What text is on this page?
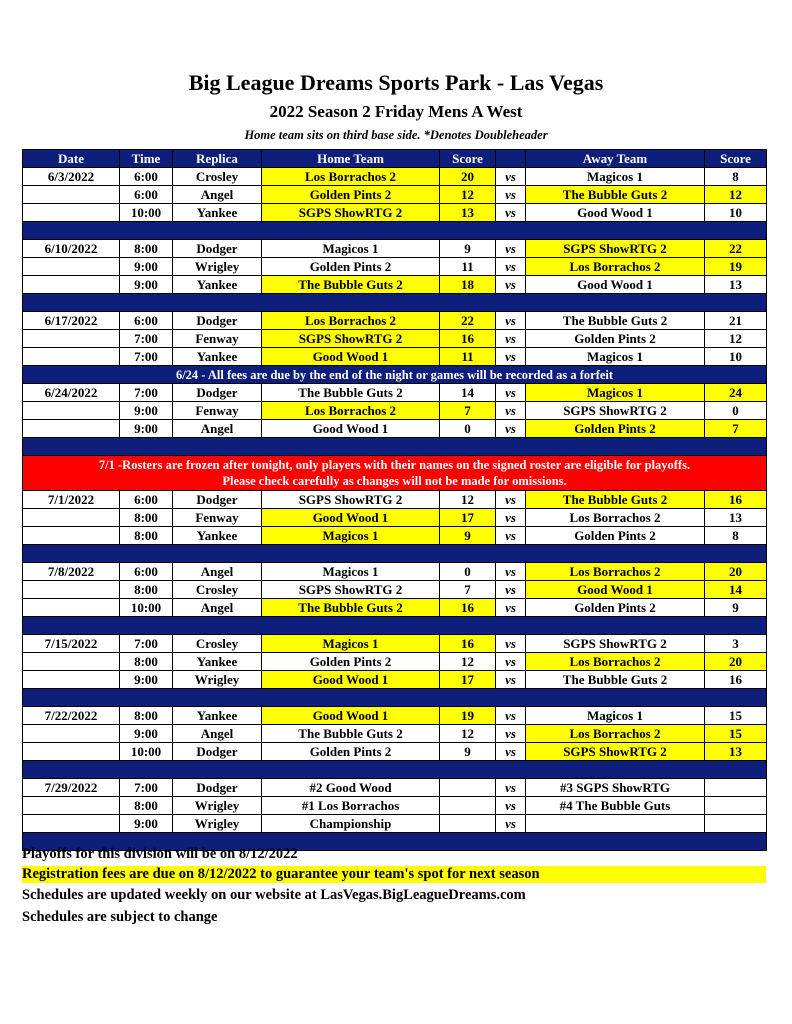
Big League Dreams Sports Park - Las Vegas
2022 Season 2 Friday Mens A West
Home team sits on third base side. *Denotes Doubleheader
Date	Time	Replica	Home Team	Score		Away Team	Score
6/3/2022	6:00	Crosley	Los Borrachos 2	20	vs	Magicos 1	8
	6:00	Angel	Golden Pints 2	12	vs	The Bubble Guts 2	12
	10:00	Yankee	SGPS ShowRTG 2	13	vs	Good Wood 1	10

6/10/2022	8:00	Dodger	Magicos 1	9	vs	SGPS ShowRTG 2	22
	9:00	Wrigley	Golden Pints 2	11	vs	Los Borrachos 2	19
	9:00	Yankee	The Bubble Guts 2	18	vs	Good Wood 1	13

6/17/2022	6:00	Dodger	Los Borrachos 2	22	vs	The Bubble Guts 2	21
	7:00	Fenway	SGPS ShowRTG 2	16	vs	Golden Pints 2	12
	7:00	Yankee	Good Wood 1	11	vs	Magicos 1	10
6/24 - All fees are due by the end of the night or games will be recorded as a forfeit							
6/24/2022	7:00	Dodger	The Bubble Guts 2	14	vs	Magicos 1	24
	9:00	Fenway	Los Borrachos 2	7	vs	SGPS ShowRTG 2	0
	9:00	Angel	Good Wood 1	0	vs	Golden Pints 2	7

7/1 -Rosters are frozen after tonight, only players with their names on the signed roster are eligible for playoffs.
Please check carefully as changes will not be made for omissions.							

7/1/2022	6:00	Dodger	SGPS ShowRTG 2	12	vs	The Bubble Guts 2	16
	8:00	Fenway	Good Wood 1	17	vs	Los Borrachos 2	13
	8:00	Yankee	Magicos 1	9	vs	Golden Pints 2	8

7/8/2022	6:00	Angel	Magicos 1	0	vs	Los Borrachos 2	20
	8:00	Crosley	SGPS ShowRTG 2	7	vs	Good Wood 1	14
	10:00	Angel	The Bubble Guts 2	16	vs	Golden Pints 2	9

7/15/2022	7:00	Crosley	Magicos 1	16	vs	SGPS ShowRTG 2	3
	8:00	Yankee	Golden Pints 2	12	vs	Los Borrachos 2	20
	9:00	Wrigley	Good Wood 1	17	vs	The Bubble Guts 2	16

7/22/2022	8:00	Yankee	Good Wood 1	19	vs	Magicos 1	15
	9:00	Angel	The Bubble Guts 2	12	vs	Los Borrachos 2	15
	10:00	Dodger	Golden Pints 2	9	vs	SGPS ShowRTG 2	13

7/29/2022	7:00	Dodger	#2 Good Wood		vs	#3 SGPS ShowRTG	
	8:00	Wrigley	#1 Los Borrachos		vs	#4 The Bubble Guts	
	9:00	Wrigley	Championship		vs		

Playoffs for this division will be on 8/12/2022
Registration fees are due on 8/12/2022 to guarantee your team's spot for next season
Schedules are updated weekly on our website at LasVegas.BigLeagueDreams.com
Schedules are subject to change
